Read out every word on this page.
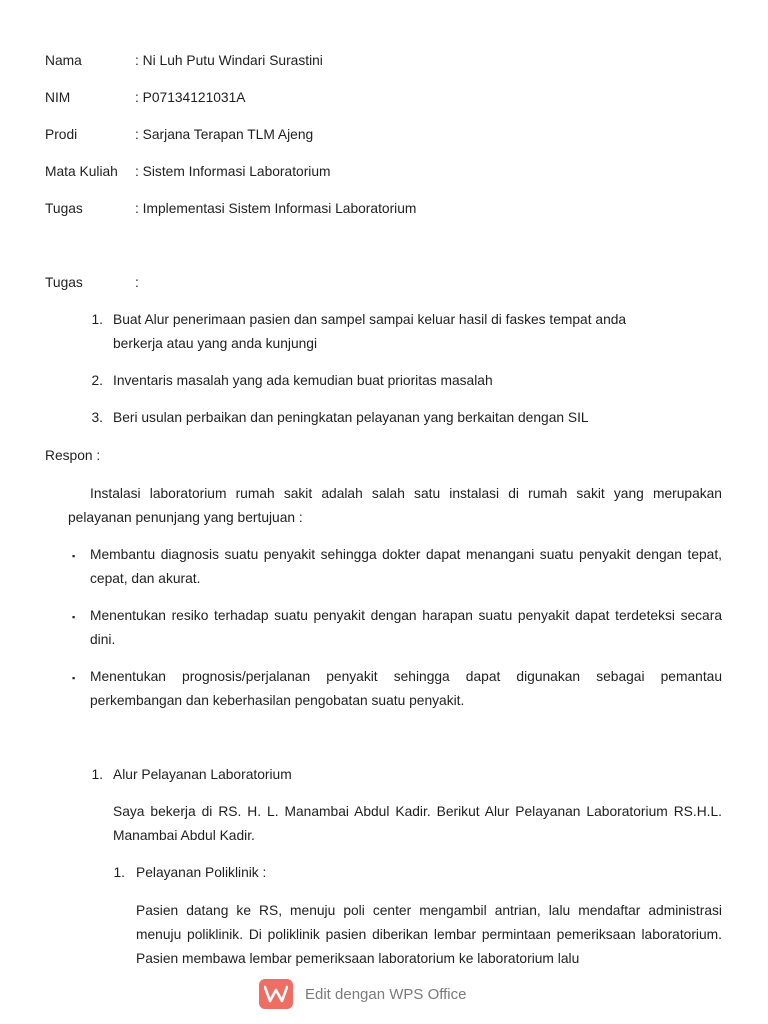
Nama	: Ni Luh Putu Windari Surastini
NIM	: P07134121031A
Prodi	: Sarjana Terapan TLM Ajeng
Mata Kuliah : Sistem Informasi Laboratorium
Tugas	: Implementasi Sistem Informasi Laboratorium
Tugas	:
1. Buat Alur penerimaan pasien dan sampel sampai keluar hasil di faskes tempat anda
berkerja atau yang anda kunjungi
2. Inventaris masalah yang ada kemudian buat prioritas masalah
3. Beri usulan perbaikan dan peningkatan pelayanan yang berkaitan dengan SIL
Respon :
Instalasi laboratorium rumah sakit adalah salah satu instalasi di rumah sakit yang merupakan pelayanan penunjang yang bertujuan :
▪ Membantu diagnosis suatu penyakit sehingga dokter dapat menangani suatu penyakit dengan tepat, cepat, dan akurat.
▪ Menentukan resiko terhadap suatu penyakit dengan harapan suatu penyakit dapat terdeteksi secara dini.
▪ Menentukan prognosis/perjalanan penyakit sehingga dapat digunakan sebagai pemantau perkembangan dan keberhasilan pengobatan suatu penyakit.
1. Alur Pelayanan Laboratorium
Saya bekerja di RS. H. L. Manambai Abdul Kadir. Berikut Alur Pelayanan Laboratorium RS.H.L. Manambai Abdul Kadir.
1. Pelayanan Poliklinik :
Pasien datang ke RS, menuju poli center mengambil antrian, lalu mendaftar administrasi menuju poliklinik. Di poliklinik pasien diberikan lembar permintaan pemeriksaan laboratorium. Pasien membawa lembar pemeriksaan laboratorium ke laboratorium lalu
Edit dengan WPS Office
